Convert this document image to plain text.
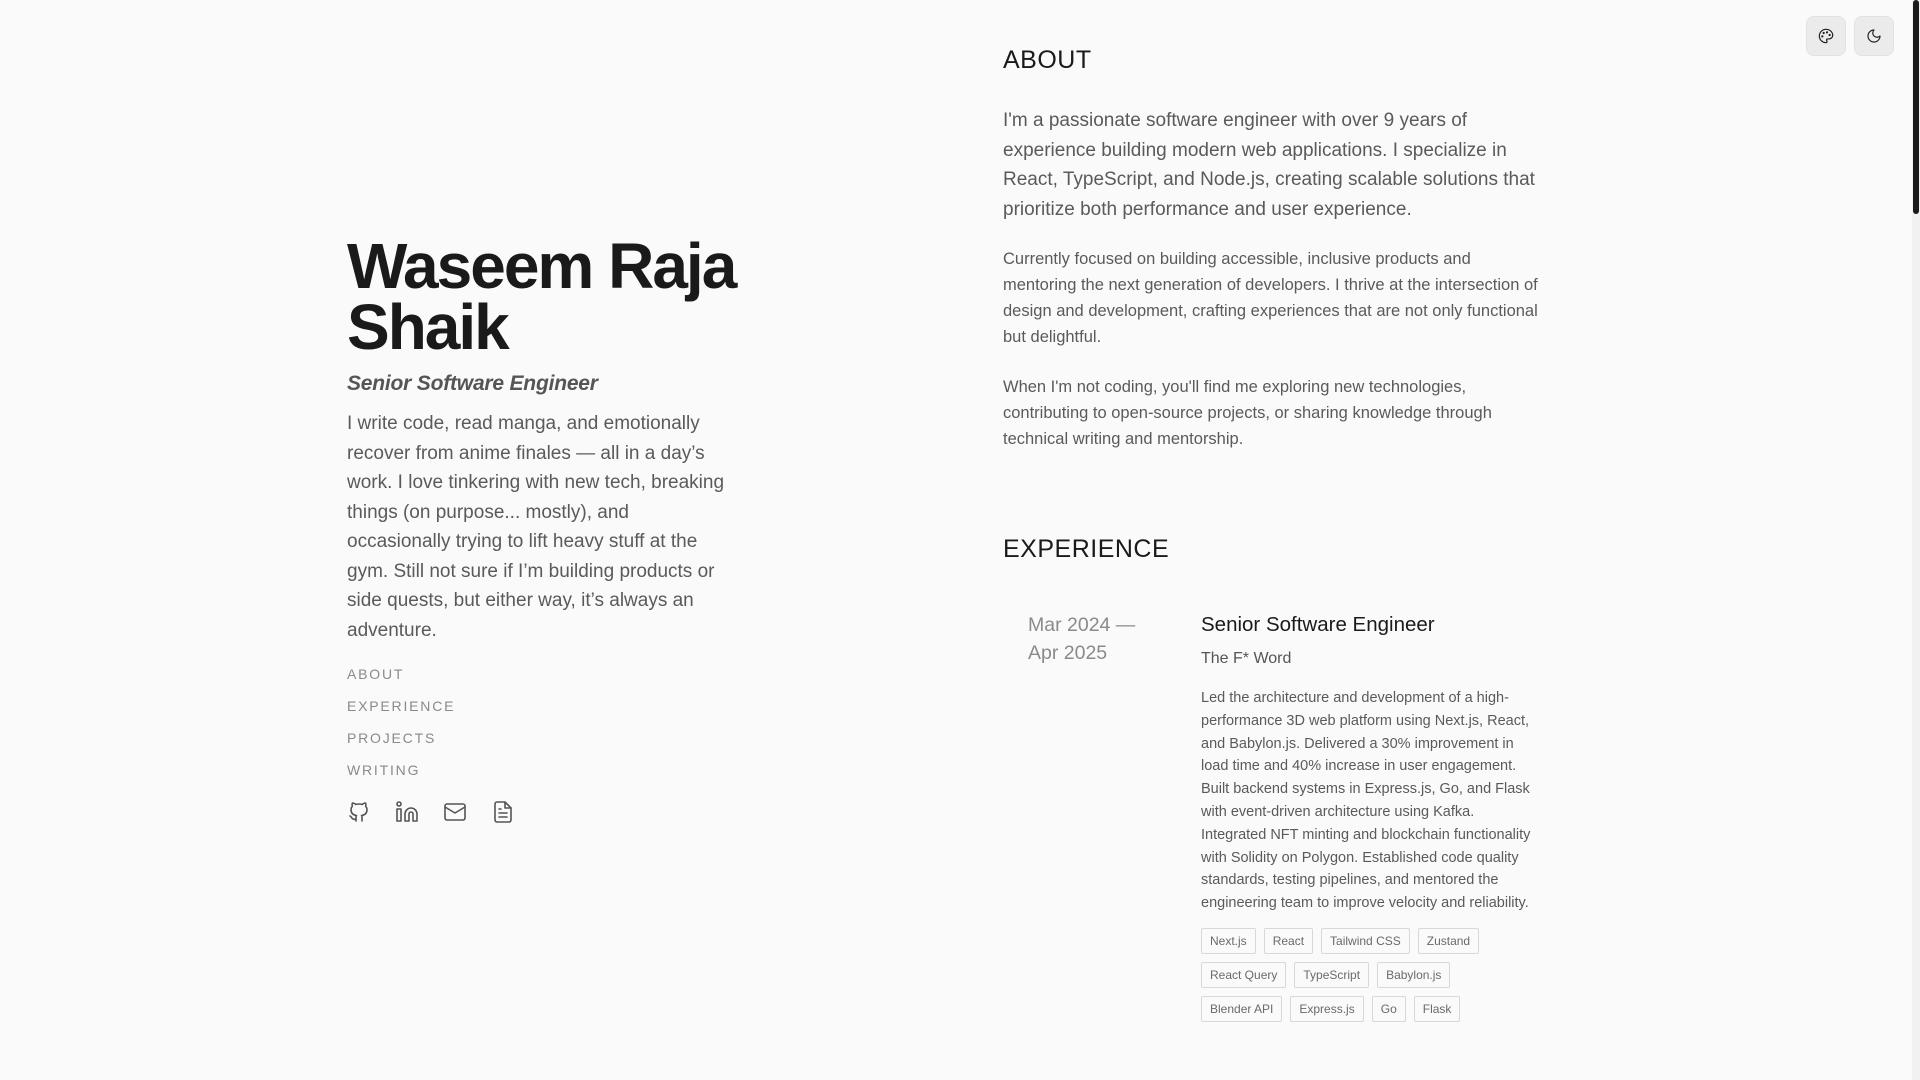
Waseem Raja
Shaik
Senior Software Engineer

I write code, read manga, and emotionally recover from anime finales — all in a day’s work. I love tinkering with new tech, breaking things (on purpose... mostly), and occasionally trying to lift heavy stuff at the gym. Still not sure if I’m building products or side quests, but either way, it’s always an adventure.

ABOUT
EXPERIENCE
PROJECTS
WRITING
ABOUT

I'm a passionate software engineer with over 9 years of experience building modern web applications. I specialize in React, TypeScript, and Node.js, creating scalable solutions that prioritize both performance and user experience.

Currently focused on building accessible, inclusive products and mentoring the next generation of developers. I thrive at the intersection of design and development, crafting experiences that are not only functional but delightful.

When I'm not coding, you'll find me exploring new technologies, contributing to open-source projects, or sharing knowledge through technical writing and mentorship.

EXPERIENCE
Mar 2024 — Apr 2025
Senior Software Engineer
The F* Word

Led the architecture and development of a high-performance 3D web platform using Next.js, React, and Babylon.js. Delivered a 30% improvement in load time and 40% increase in user engagement. Built backend systems in Express.js, Go, and Flask with event-driven architecture using Kafka. Integrated NFT minting and blockchain functionality with Solidity on Polygon. Established code quality standards, testing pipelines, and mentored the engineering team to improve velocity and reliability.

Next.js	React	Tailwind CSS	Zustand
React Query	TypeScript	Babylon.js
Blender API	Express.js	Go	Flask
